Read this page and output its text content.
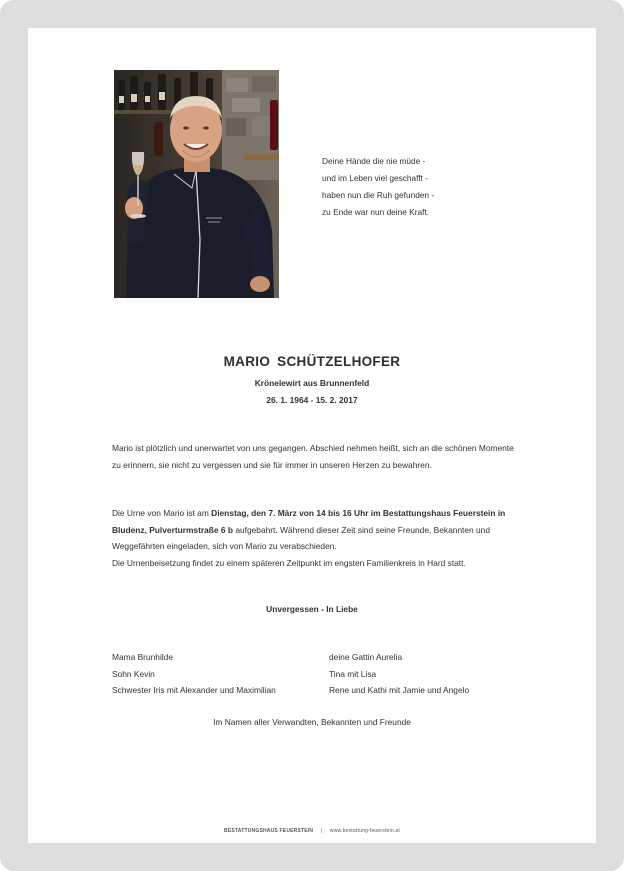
Deine Hände die nie müde -
und im Leben viel geschafft -
haben nun die Ruh gefunden -
zu Ende war nun deine Kraft.
MARIO SCHÜTZELHOFER
Krönelewirt aus Brunnenfeld
26. 1. 1964 - 15. 2. 2017
Mario ist plötzlich und unerwartet von uns gegangen. Abschied nehmen heißt, sich an die schönen Momente zu erinnern, sie nicht zu vergessen und sie für immer in unseren Herzen zu bewahren.
Die Urne von Mario ist am Dienstag, den 7. März von 14 bis 16 Uhr im Bestattungshaus Feuerstein in Bludenz, Pulverturmstraße 6 b aufgebahrt. Während dieser Zeit sind seine Freunde, Bekannten und Weggefährten eingeladen, sich von Mario zu verabschieden.
Die Urnenbeisetzung findet zu einem späteren Zeitpunkt im engsten Familienkreis in Hard statt.
Unvergessen - In Liebe
Mama Brunhilde
Sohn Kevin
Schwester Iris mit Alexander und Maximilian
deine Gattin Aurelia
Tina mit Lisa
Rene und Kathi mit Jamie und Angelo
Im Namen aller Verwandten, Bekannten und Freunde
BESTATTUNGSHAUS FEUERSTEIN | www.bestattung-feuerstein.at
